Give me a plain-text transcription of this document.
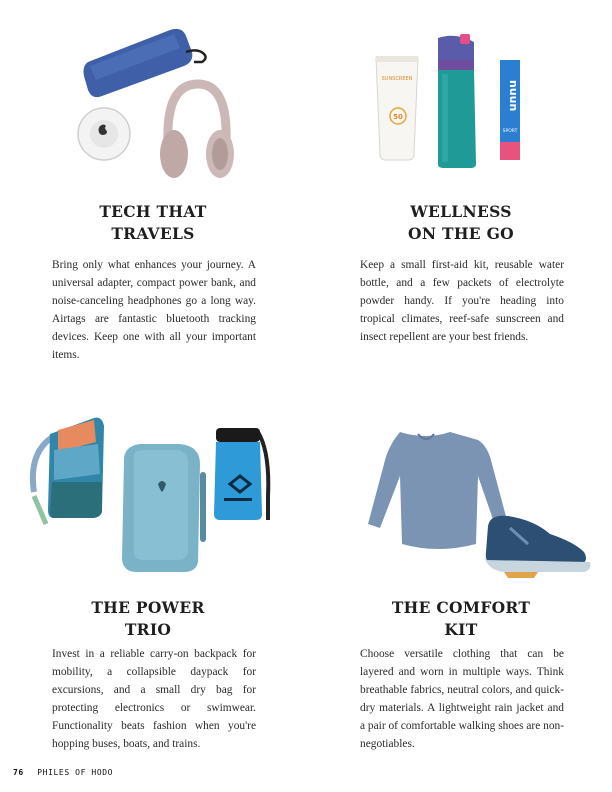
SUNSCREEN
50
nuun
SPORT
TECH THAT
TRAVELS

Bring only what enhances your journey. A universal adapter, compact power bank, and noise-canceling headphones go a long way. Airtags are fantastic bluetooth tracking devices. Keep one with all your important items.

WELLNESS
ON THE GO

Keep a small first-aid kit, reusable water bottle, and a few packets of electrolyte powder handy. If you're heading into tropical climates, reef-safe sunscreen and insect repellent are your best friends.

THE POWER
TRIO

Invest in a reliable carry-on backpack for mobility, a collapsible daypack for excursions, and a small dry bag for protecting electronics or swimwear. Functionality beats fashion when you're hopping buses, boats, and trains.

THE COMFORT
KIT

Choose versatile clothing that can be layered and worn in multiple ways. Think breathable fabrics, neutral colors, and quick-dry materials. A lightweight rain jacket and a pair of comfortable walking shoes are non-negotiables.

76 PHILES OF HODO
